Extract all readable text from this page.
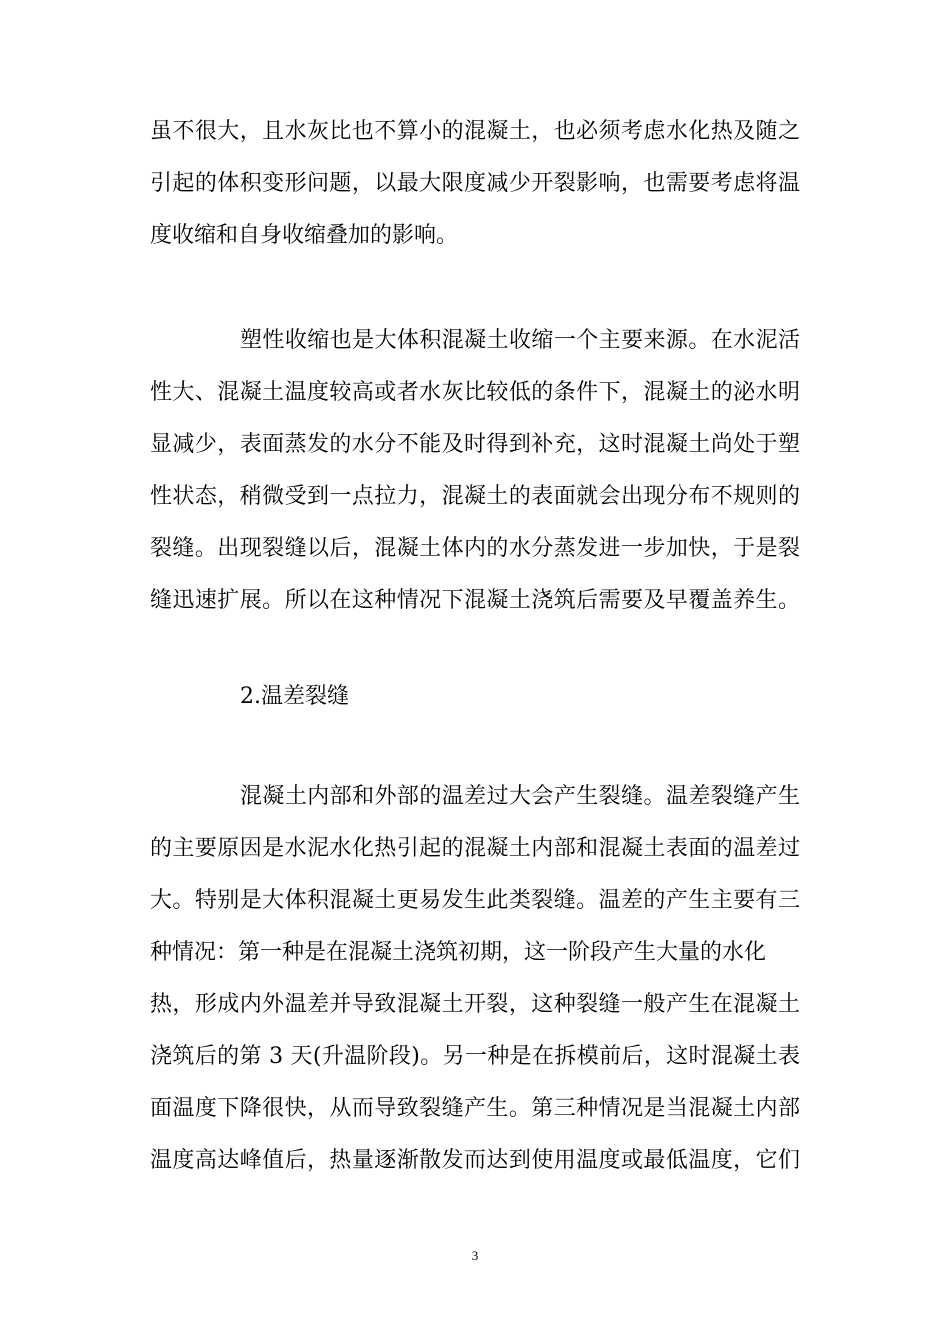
虽不很大，且水灰比也不算小的混凝土，也必须考虑水化热及随之
引起的体积变形问题，以最大限度减少开裂影响，也需要考虑将温
度收缩和自身收缩叠加的影响。
塑性收缩也是大体积混凝土收缩一个主要来源。在水泥活
性大、混凝土温度较高或者水灰比较低的条件下，混凝土的泌水明
显减少，表面蒸发的水分不能及时得到补充，这时混凝土尚处于塑
性状态，稍微受到一点拉力，混凝土的表面就会出现分布不规则的
裂缝。出现裂缝以后，混凝土体内的水分蒸发进一步加快，于是裂
缝迅速扩展。所以在这种情况下混凝土浇筑后需要及早覆盖养生。
2.温差裂缝
混凝土内部和外部的温差过大会产生裂缝。温差裂缝产生
的主要原因是水泥水化热引起的混凝土内部和混凝土表面的温差过
大。特别是大体积混凝土更易发生此类裂缝。温差的产生主要有三
种情况：第一种是在混凝土浇筑初期，这一阶段产生大量的水化
热，形成内外温差并导致混凝土开裂，这种裂缝一般产生在混凝土
浇筑后的第 3 天(升温阶段)。另一种是在拆模前后，这时混凝土表
面温度下降很快，从而导致裂缝产生。第三种情况是当混凝土内部
温度高达峰值后，热量逐渐散发而达到使用温度或最低温度，它们
3
